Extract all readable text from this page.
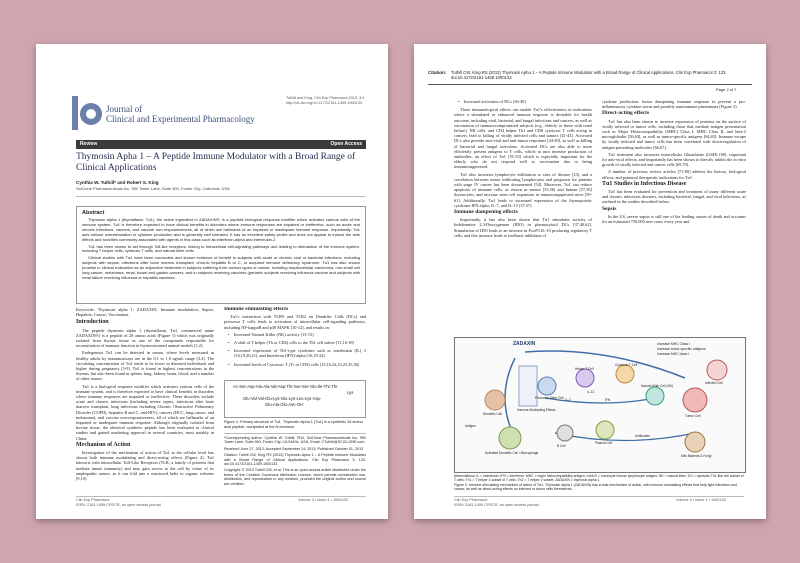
Tuthill and King, Clin Exp Pharmacol 2013, 3:4

http://dx.doi.org/10.4172/2161-1459.1000133

Journal of

Clinical and Experimental Pharmacology

Review	Open Access

Thymosin Apha 1 – A Peptide Immune Modulator with a Broad Range of Clinical Applications

Cynthia W. Tuthill* and Robert S. King

SciClone Pharmaceuticals Inc, 950 Tower Lane, Suite 900, Foster City, California, USA

Abstract

Thymosin alpha 1 (thymalfasin, Tα1), the active ingredient in ZADAXIN®, is a peptidic biological response modifier which activates various cells of the immune system. Tα1 is therefore expected to have clinical benefits in disorders where immune responses are impaired or ineffective, such as acute and chronic infections, cancers, and vaccine non-responsiveness, all of which are hallmarks of an impaired or inadequate immune response. Importantly, Tα1 acts without overstimulation of cytokine production and is generally well tolerated. It has an excellent safety profile and does not appear to induce the side effects and toxicities commonly associated with agents in this class such as interferon-alpha and interleukin-2.

Tα1 has been shown to act through Toll-like receptors, linking to intracellular cell-signaling pathways and leading to stimulation of the immune system, including T helper cells, cytotoxic T cells, and natural killer cells.

Clinical studies with Tα1 have been conducted and shown evidence of benefit in subjects with acute or chronic viral or bacterial infections, including subjects with sepsis, infections after bone marrow transplant, chronic hepatitis B or C, or acquired immune deficiency syndrome. Tα1 has also shown promise in clinical evaluation as an adjunctive treatment in subjects suffering from various types of cancer, including hepatocellular carcinoma, non-small cell lung cancer, melanoma, renal, bowel and gastric cancers, and in subjects receiving vaccines (geriatric subjects receiving influenza vaccine and subjects with renal failure receiving influenza or hepatitis vaccines.

Keywords: Thymosin alpha 1; ZADAXIN; Immune modulation; Sepsis; Hepatitis; Cancer; Vaccination

Introduction

The peptide thymosin alpha 1 (thymalfasin, Tα1, commercial name ZADAXIN®) is a peptide of 28 amino acids (Figure 1) which was originally isolated from thymic tissue as one of the compounds responsible for reconstitution of immune function in thymectomized animal models [1,2].

Endogenous Tα1 can be detected in serum, where levels measured in healthy adults by immunoassays are in the 0.1 to 1.0 ng/mL range [3,4]. The circulating concentration of Tα1 tends to be lower in diseased individuals and higher during pregnancy [5-9]. Tα1 is found in highest concentrations in the thymus, but also been found in spleen, lung, kidney, brain, blood, and a number of other tissues.

Tα1 is a biological response modifier which activates various cells of the immune system, and is therefore expected to have clinical benefits in disorders where immune responses are impaired or ineffective. These disorders include acute and chronic infections (including severe sepsis, infections after bone marrow transplant, lung infections including Chronic Obstructive Pulmonary Disorder (COPD), hepatitis B and C, and HIV), cancers (HCC, lung cancer, and melanoma), and vaccine non-responsiveness, all of which are hallmarks of an impaired or inadequate immune response. Although originally isolated from bovine tissue, the identical synthetic peptide has been evaluated in clinical studies and gained marketing approval in several countries, most notably in China.

Mechanism of Action

Investigation of the mechanism of action of Tα1 at the cellular level has shown both immune modulating and direct-acting effects (Figure 2). Tα1 interacts with intracellular Toll-Like Receptors (TLR; a family of proteins that mediate innate immunity) and may gain access to the cell by virtue of its amphipathic nature, as it can fold into a structured helix in organic solvents [9,10].

Immune stimulating effects

Tα1's interaction with TLR9 and TLR2 on Dendritic Cells (DCs) and precursor T cells leads to activation of intracellular cell-signaling pathways, including NF-kappaB and p38 MAPK [10-12], and results in:

• Increased Natural Killer (NK) activity [13-15]

• A shift of T helper (Th or CD4) cells to the Th1 cell subset [11,16-18]

• Increased expression of Th1-type cytokines such as interleukin (IL) 2 [16,19,20,21], and Interferon (IFN)-alpha [16,19-24]

• Increased levels of Cytotoxic T (Tc or CD8) cells [15,16,22,23,25,35,36]

Ac-Ser-Asp-Ala-Ala-Val-Asp-Thr-Ser-Ser-Glu-Ile-Thr-Thr

Lys

Glu-Val-Val-Glu-Lys-Glu-Lys-Leu-Lys-Asp-

Glu-Ala-Glu-Asn-OH

Figure 1: Primary structure of Tα1. Thymosin alpha 1 (Tα1) is a synthetic 28 amino acid peptide, acetylated at the N-terminus.

*Corresponding author: Cynthia W. Tuthill, PhD, SciClone Pharmaceuticals Inc, 950 Tower Lane, Suite 900, Foster City, CA 94404, USA, Email: CTuthill@SCICLONE.com

Received June 27, 2013; Accepted September 24, 2013; Published October 01, 2013

Citation: Tuthill CW, King RS (2013) Thymosin Apha 1 – A Peptide Immune Modulator with a Broad Range of Clinical Applications. Clin Exp Pharmacol 3: 133. doi:10.4172/2161-1459.1000133

Copyright: © 2013 Tuthill CW, et al. This is an open-access article distributed under the terms of the Creative Commons Attribution License, which permits unrestricted use, distribution, and reproduction in any medium, provided the original author and source are credited.

Clin Exp Pharmacol

ISSN: 2161-1459 CPECR, an open access journal

Volume 3 • Issue 4 • 1000133

Citation: Tuthill CW, King RS (2013) Thymosin Apha 1 – A Peptide Immune Modulator with a Broad Range of Clinical Applications. Clin Exp Pharmacol 3: 133. doi:10.4172/2161-1459.1000133

Page 2 of 7

• Increased activation of DCs [36-40]

These immunological effects can enable Tα1's effectiveness in indications where a stimulated or enhanced immune response is desirable for health outcome, including viral, bacterial, and fungal infections and cancers, as well as vaccination of immunocompromised subjects (e.g., elderly or those with renal failure). NK cells, and CD4 helper Th1 and CD8 cytotoxic T cells acting in concert, lead to killing of virally infected cells and tumors [41-43]. Activated DCs also provide anti-viral and anti-tumor responses [44-49], as well as killing of bacterial and fungal infections. Activated DCs are also able to more efficiently present antigens to T cells, which in turn increase production of antibodies, an effect of Tα1 [51-53] which is especially important for the elderly who do not respond well to vaccination due to being immunosuppressed.

Tα1 also increases lymphocyte infiltration to sites of disease [15], and a correlation between tumor infiltrating lymphocytes and prognosis for patients with stage IV cancer has been documented [54]. Moreover, Tα1 can reduce apoptosis of immune cells, as shown in mouse [55,56] and human [57,58] thymocytes, and increase stem cell expansion in immunosuppressed mice [59-61]. Additionally, Tα1 leads to increased expression of the thymopoietic cytokines IFN alpha, IL-7, and IL-15 [37,57].

Immune dampening effects

Importantly, it has also been shown that Tα1 stimulates activity of Indoleamine 2,3-Deoxygenase (IDO) in plasmacytoid DCs [37,40,62]. Stimulation of IDO leads to an increase in FoxP3 IL-10 producing regulatory T cells, and this increase leads to feedback inhibition of

cytokine production, hence dampening immune response to prevent a pro-inflammatory cytokine storm and possibly autoimmune phenomena (Figure 3).

Direct-acting effects

Tα1 has also been shown to increase expression of proteins on the surface of virally infected or tumor cells, including those that mediate antigen presentation such as Major Histocompatibility (MHC) Class I, MHC Class II, and beta-2 microglobulin [56,63], as well as tumor-specific antigens [64,65]. Immune escape by virally infected and tumor cells has been correlated with down-regulation of antigen presenting molecules [66,67].

Tα1 treatment also increases intracellular Glutathione (GSH) [68], important for anti-viral effects, and importantly has been shown to directly inhibit the in vitro growth of virally infected and cancer cells [69,70].

A number of previous review articles [71-80] address the history, biological effects, and potential therapeutic indications for Tα1.

Tα1 Studies in Infectious Disease

Tα1 has been evaluated for prevention and treatment of many different acute and chronic infectious diseases, including bacterial, fungal, and viral infections, as outlined in the studies described below.

Sepsis

In the US, severe sepsis is still one of the leading causes of death and accounts for an estimated 750,000 new cases every year and

ZADAXIN	Increase MHC Class I

Increase tumor specific antigens

Increase MHC class I

Natural Killer Cell (NK)

Cytotoxic T Cell

Helper T Cell

Dendritic Cell

Antigen

Plasma Cell

Activated Dendritic Cell / Macrophage

Immune Modulating Effects

Precursor Stem Cell

Tumor Cell

Infected Cell

Kills Bacteria & Fungi

Antibodies

IL-2	IFN

IL-12

B Cell

Abbreviations: IL = interleukin; IFN = interferon; MHC = major histocompatibility antigen; mAb,R = monocyte human lymphocyte antigen; NK = natural killer; Tc1 = cytotoxic Th1-like cell subset of T cells; Th1 = T helper 1 subset of T cells; Th2 = T helper 2 subset; ZADAXIN = thymosin alpha 1

Figure 2: Immune stimulating mechanism of action of Tα1. Thymosin alpha 1 (ZADAXIN) has a dual mechanism of action, with immune modulating effects that help fight infections and cancer, as well as direct-acting effects on infected or tumor cells themselves.

Clin Exp Pharmacol

ISSN: 2161-1459 CPECR, an open access journal

Volume 3 • Issue 4 • 1000133
